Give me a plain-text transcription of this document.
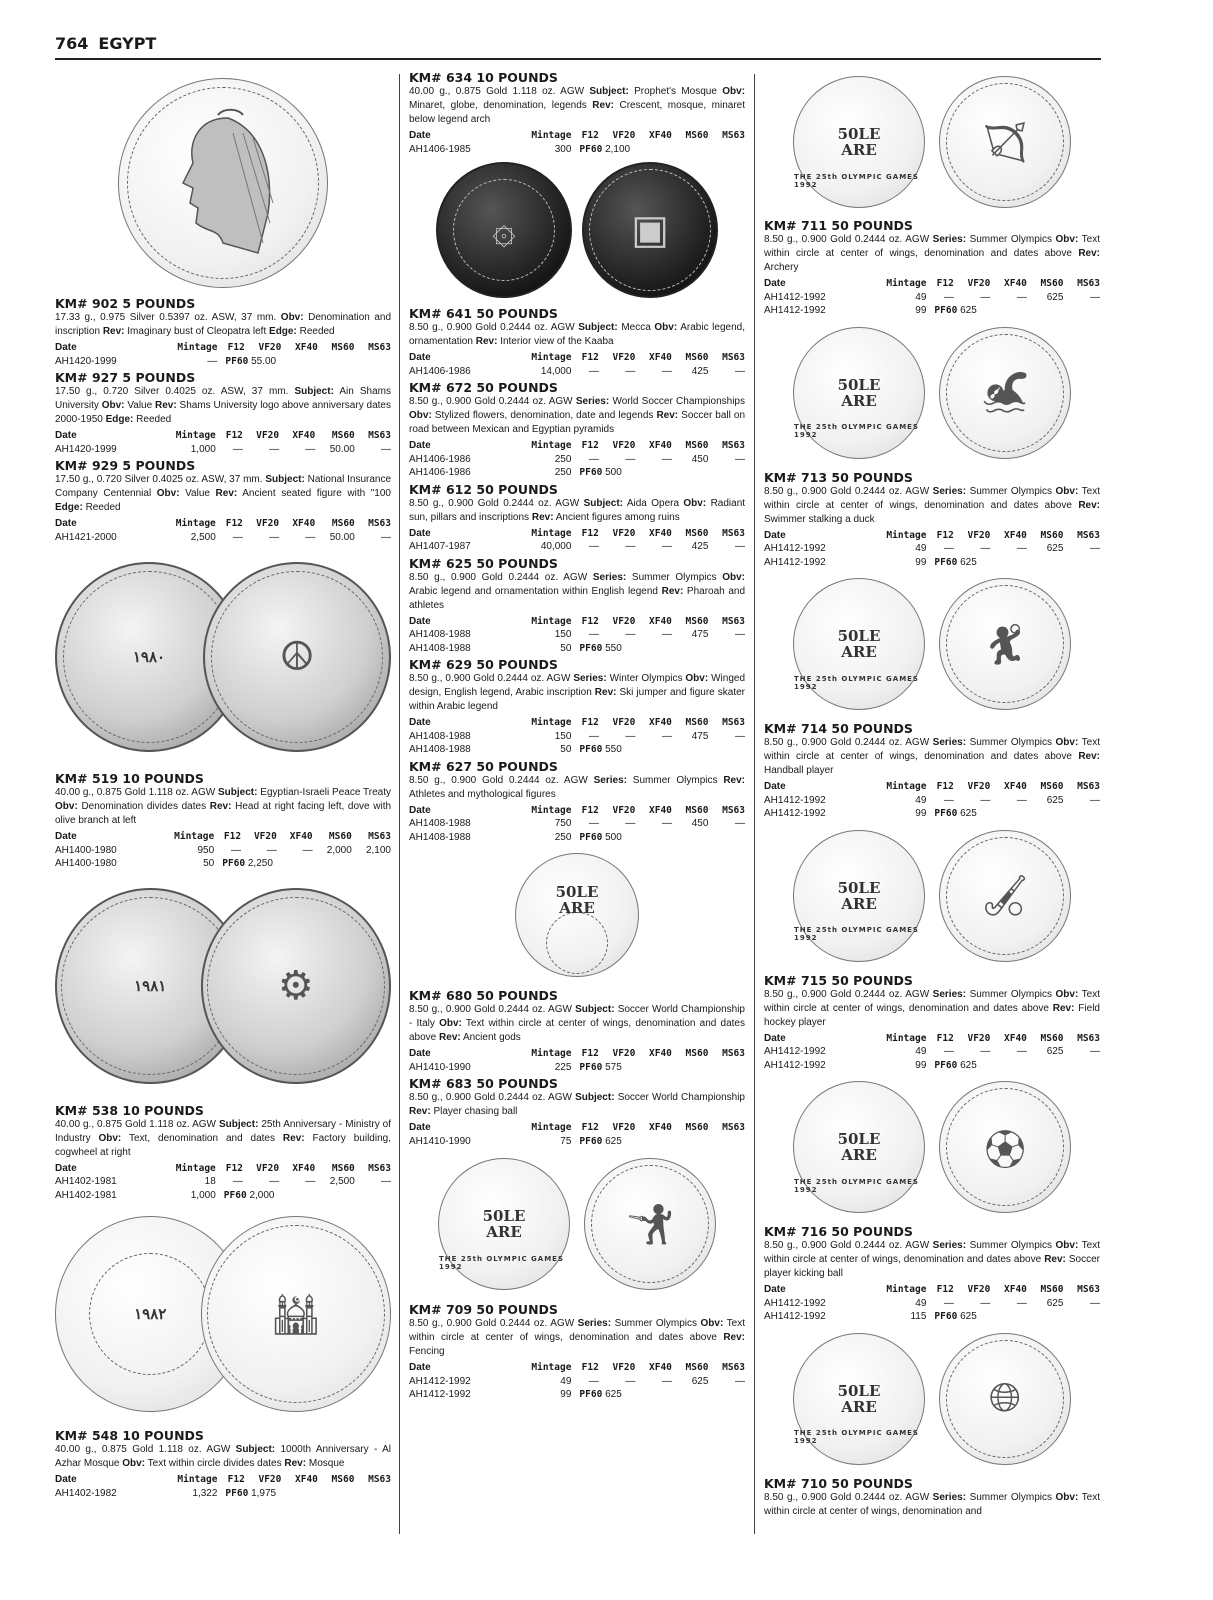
764 EGYPT
KM# 902 5 POUNDS
17.33 g., 0.975 Silver 0.5397 oz. ASW, 37 mm. Obv: Denomination and inscription Rev: Imaginary bust of Cleopatra left Edge: Reeded
Date	Mintage	F12	VF20	XF40	MS60	MS63
AH1420-1999	—	PF60 55.00				
KM# 927 5 POUNDS
17.50 g., 0.720 Silver 0.4025 oz. ASW, 37 mm. Subject: Ain Shams University Obv: Value Rev: Shams University logo above anniversary dates 2000-1950 Edge: Reeded
Date	Mintage	F12	VF20	XF40	MS60	MS63
AH1420-1999	1,000	—	—	—	50.00	—
KM# 929 5 POUNDS
17.50 g., 0.720 Silver 0.4025 oz. ASW, 37 mm. Subject: National Insurance Company Centennial Obv: Value Rev: Ancient seated figure with "100 Edge: Reeded
Date	Mintage	F12	VF20	XF40	MS60	MS63
AH1421-2000	2,500	—	—	—	50.00	—
١٩٨٠	☮
KM# 519 10 POUNDS
40.00 g., 0.875 Gold 1.118 oz. AGW Subject: Egyptian-Israeli Peace Treaty Obv: Denomination divides dates Rev: Head at right facing left, dove with olive branch at left
Date	Mintage	F12	VF20	XF40	MS60	MS63
AH1400-1980	950	—	—	—	2,000	2,100
AH1400-1980	50	PF60 2,250				
١٩٨١	⚙
KM# 538 10 POUNDS
40.00 g., 0.875 Gold 1.118 oz. AGW Subject: 25th Anniversary - Ministry of Industry Obv: Text, denomination and dates Rev: Factory building, cogwheel at right
Date	Mintage	F12	VF20	XF40	MS60	MS63
AH1402-1981	18	—	—	—	2,500	—
AH1402-1981	1,000	PF60 2,000				
١٩٨٢	🕌︎
KM# 548 10 POUNDS
40.00 g., 0.875 Gold 1.118 oz. AGW Subject: 1000th Anniversary - Al Azhar Mosque Obv: Text within circle divides dates Rev: Mosque
Date	Mintage	F12	VF20	XF40	MS60	MS63
AH1402-1982	1,322	PF60 1,975				
KM# 634 10 POUNDS
40.00 g., 0.875 Gold 1.118 oz. AGW Subject: Prophet's Mosque Obv: Minaret, globe, denomination, legends Rev: Crescent, mosque, minaret below legend arch
Date	Mintage	F12	VF20	XF40	MS60	MS63
AH1406-1985	300	PF60 2,100				
۞	▣
KM# 641 50 POUNDS
8.50 g., 0.900 Gold 0.2444 oz. AGW Subject: Mecca Obv: Arabic legend, ornamentation Rev: Interior view of the Kaaba
Date	Mintage	F12	VF20	XF40	MS60	MS63
AH1406-1986	14,000	—	—	—	425	—
KM# 672 50 POUNDS
8.50 g., 0.900 Gold 0.2444 oz. AGW Series: World Soccer Championships Obv: Stylized flowers, denomination, date and legends Rev: Soccer ball on road between Mexican and Egyptian pyramids
Date	Mintage	F12	VF20	XF40	MS60	MS63
AH1406-1986	250	—	—	—	450	—
AH1406-1986	250	PF60 500				
KM# 612 50 POUNDS
8.50 g., 0.900 Gold 0.2444 oz. AGW Subject: Aida Opera Obv: Radiant sun, pillars and inscriptions Rev: Ancient figures among ruins
Date	Mintage	F12	VF20	XF40	MS60	MS63
AH1407-1987	40,000	—	—	—	425	—
KM# 625 50 POUNDS
8.50 g., 0.900 Gold 0.2444 oz. AGW Series: Summer Olympics Obv: Arabic legend and ornamentation within English legend Rev: Pharoah and athletes
Date	Mintage	F12	VF20	XF40	MS60	MS63
AH1408-1988	150	—	—	—	475	—
AH1408-1988	50	PF60 550				
KM# 629 50 POUNDS
8.50 g., 0.900 Gold 0.2444 oz. AGW Series: Winter Olympics Obv: Winged design, English legend, Arabic inscription Rev: Ski jumper and figure skater within Arabic legend
Date	Mintage	F12	VF20	XF40	MS60	MS63
AH1408-1988	150	—	—	—	475	—
AH1408-1988	50	PF60 550				
KM# 627 50 POUNDS
8.50 g., 0.900 Gold 0.2444 oz. AGW Series: Summer Olympics Rev: Athletes and mythological figures
Date	Mintage	F12	VF20	XF40	MS60	MS63
AH1408-1988	750	—	—	—	450	—
AH1408-1988	250	PF60 500				
50LE
ARE
KM# 680 50 POUNDS
8.50 g., 0.900 Gold 0.2444 oz. AGW Subject: Soccer World Championship - Italy Obv: Text within circle at center of wings, denomination and dates above Rev: Ancient gods
Date	Mintage	F12	VF20	XF40	MS60	MS63
AH1410-1990	225	PF60 575				
KM# 683 50 POUNDS
8.50 g., 0.900 Gold 0.2444 oz. AGW Subject: Soccer World Championship Rev: Player chasing ball
Date	Mintage	F12	VF20	XF40	MS60	MS63
AH1410-1990	75	PF60 625				
50LE
ARE
THE 25th OLYMPIC GAMES 1992
🤺︎
KM# 709 50 POUNDS
8.50 g., 0.900 Gold 0.2444 oz. AGW Series: Summer Olympics Obv: Text within circle at center of wings, denomination and dates above Rev: Fencing
Date	Mintage	F12	VF20	XF40	MS60	MS63
AH1412-1992	49	—	—	—	625	—
AH1412-1992	99	PF60 625				
50LE
ARE
THE 25th OLYMPIC GAMES 1992
🏹︎
KM# 711 50 POUNDS
8.50 g., 0.900 Gold 0.2444 oz. AGW Series: Summer Olympics Obv: Text within circle at center of wings, denomination and dates above Rev: Archery
Date	Mintage	F12	VF20	XF40	MS60	MS63
AH1412-1992	49	—	—	—	625	—
AH1412-1992	99	PF60 625				
50LE
ARE
THE 25th OLYMPIC GAMES 1992
🏊︎
KM# 713 50 POUNDS
8.50 g., 0.900 Gold 0.2444 oz. AGW Series: Summer Olympics Obv: Text within circle at center of wings, denomination and dates above Rev: Swimmer stalking a duck
Date	Mintage	F12	VF20	XF40	MS60	MS63
AH1412-1992	49	—	—	—	625	—
AH1412-1992	99	PF60 625				
50LE
ARE
THE 25th OLYMPIC GAMES 1992
🤾︎
KM# 714 50 POUNDS
8.50 g., 0.900 Gold 0.2444 oz. AGW Series: Summer Olympics Obv: Text within circle at center of wings, denomination and dates above Rev: Handball player
Date	Mintage	F12	VF20	XF40	MS60	MS63
AH1412-1992	49	—	—	—	625	—
AH1412-1992	99	PF60 625				
50LE
ARE
THE 25th OLYMPIC GAMES 1992
🏑︎
KM# 715 50 POUNDS
8.50 g., 0.900 Gold 0.2444 oz. AGW Series: Summer Olympics Obv: Text within circle at center of wings, denomination and dates above Rev: Field hockey player
Date	Mintage	F12	VF20	XF40	MS60	MS63
AH1412-1992	49	—	—	—	625	—
AH1412-1992	99	PF60 625				
50LE
ARE
THE 25th OLYMPIC GAMES 1992
⚽︎
KM# 716 50 POUNDS
8.50 g., 0.900 Gold 0.2444 oz. AGW Series: Summer Olympics Obv: Text within circle at center of wings, denomination and dates above Rev: Soccer player kicking ball
Date	Mintage	F12	VF20	XF40	MS60	MS63
AH1412-1992	49	—	—	—	625	—
AH1412-1992	115	PF60 625				
50LE
ARE
THE 25th OLYMPIC GAMES 1992
🌐︎
KM# 710 50 POUNDS
8.50 g., 0.900 Gold 0.2444 oz. AGW Series: Summer Olympics Obv: Text within circle at center of wings, denomination and
